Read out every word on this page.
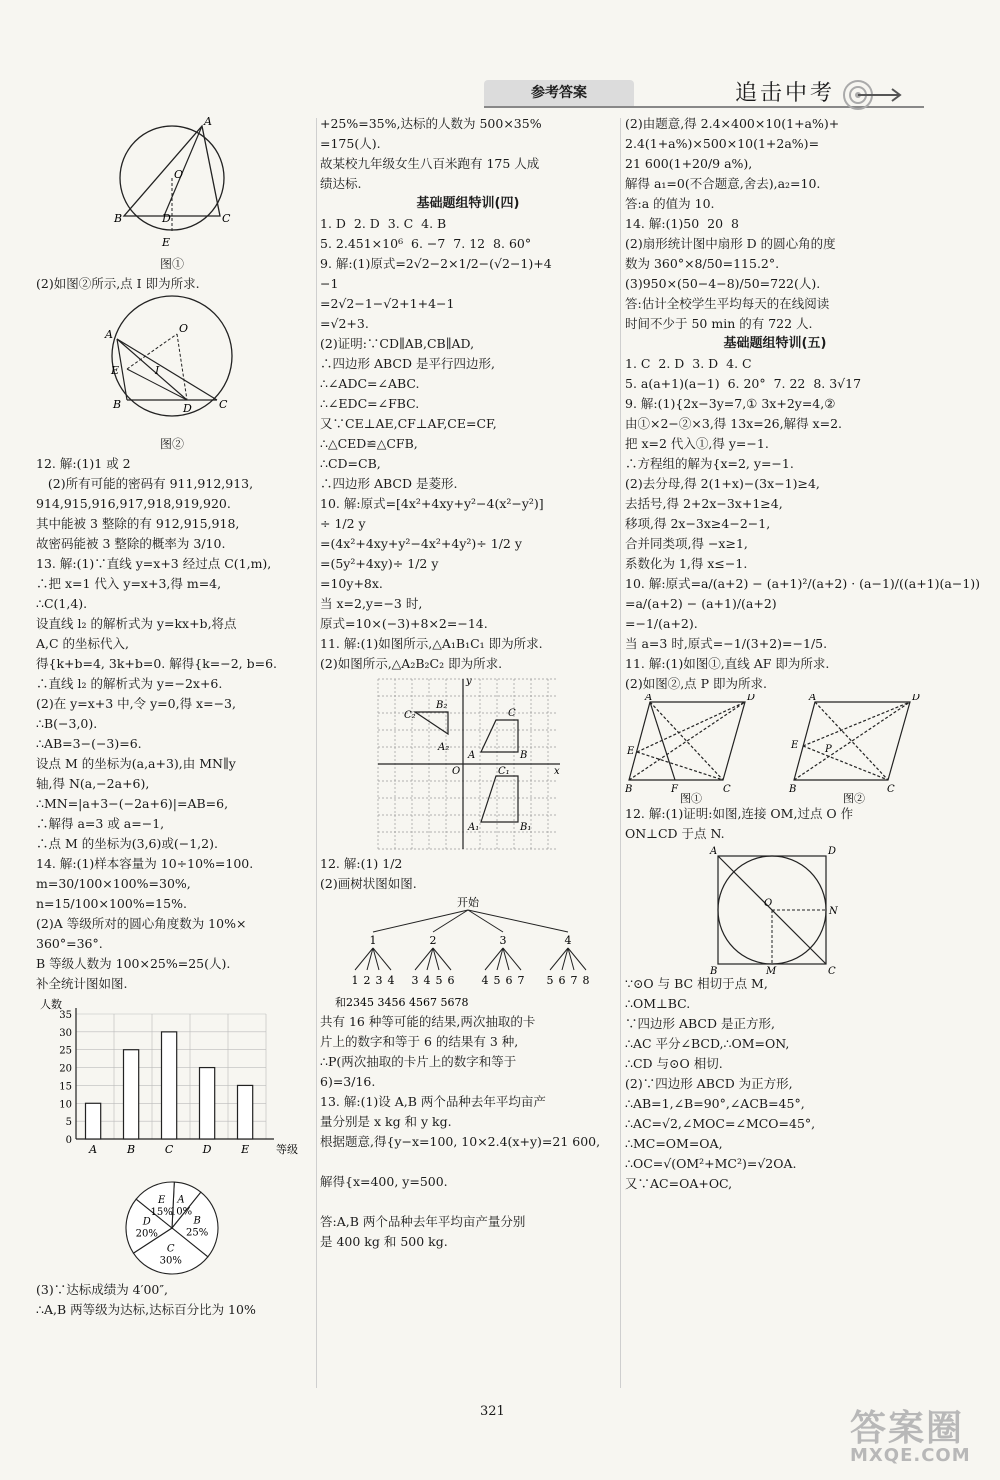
参考答案	追击中考
A
O
B	C
D
E
图①
(2)如图②所示,点 I 即为所求.
A	O
E	I
B	C
D
图②
12. 解:(1)1 或 2
(2)所有可能的密码有 911,912,913,
914,915,916,917,918,919,920.
其中能被 3 整除的有 912,915,918,
故密码能被 3 整除的概率为 3/10.
13. 解:(1)∵直线 y=x+3 经过点 C(1,m),
∴把 x=1 代入 y=x+3,得 m=4,
∴C(1,4).
设直线 l₂ 的解析式为 y=kx+b,将点
A,C 的坐标代入,
得{k+b=4, 3k+b=0. 解得{k=−2, b=6.
∴直线 l₂ 的解析式为 y=−2x+6.
(2)在 y=x+3 中,令 y=0,得 x=−3,
∴B(−3,0).
∴AB=3−(−3)=6.
设点 M 的坐标为(a,a+3),由 MN∥y
轴,得 N(a,−2a+6),
∴MN=|a+3−(−2a+6)|=AB=6,
∴解得 a=3 或 a=−1,
∴点 M 的坐标为(3,6)或(−1,2).
14. 解:(1)样本容量为 10÷10%=100.
m=30/100×100%=30%,
n=15/100×100%=15%.
(2)A 等级所对的圆心角度数为 10%×
360°=36°.
B 等级人数为 100×25%=25(人).
补全统计图如图.
人数
0
5
10
15
20
25
30
35
A	B	C	D	E 等级
A
10%
B
25%
C
30%
D
20%
E
15%
(3)∵达标成绩为 4′00″,
∴A,B 两等级为达标,达标百分比为 10%
+25%=35%,达标的人数为 500×35%
=175(人).
故某校九年级女生八百米跑有 175 人成
绩达标.
基础题组特训(四)
1. D  2. D  3. C  4. B
5. 2.451×10⁶  6. −7  7. 12  8. 60°
9. 解:(1)原式=2√2−2×1/2−(√2−1)+4
−1
=2√2−1−√2+1+4−1
=√2+3.
(2)证明:∵CD∥AB,CB∥AD,
∴四边形 ABCD 是平行四边形,
∴∠ADC=∠ABC.
∴∠EDC=∠FBC.
又∵CE⊥AE,CF⊥AF,CE=CF,
∴△CED≌△CFB,
∴CD=CB,
∴四边形 ABCD 是菱形.
10. 解:原式=[4x²+4xy+y²−4(x²−y²)]
÷ 1/2 y
=(4x²+4xy+y²−4x²+4y²)÷ 1/2 y
=(5y²+4xy)÷ 1/2 y
=10y+8x.
当 x=2,y=−3 时,
原式=10×(−3)+8×2=−14.
11. 解:(1)如图所示,△A₁B₁C₁ 即为所求.
(2)如图所示,△A₂B₂C₂ 即为所求.
x
y
O
C₂
B₂
A₂
C
A	B
C₁
A₁	B₁
12. 解:(1) 1/2
(2)画树状图如图.
开始
1
1 2 3 4
2
3 4 5 6
3
4 5 6 7
4
5 6 7 8
和2345 3456 4567 5678
共有 16 种等可能的结果,两次抽取的卡
片上的数字和等于 6 的结果有 3 种,
∴P(两次抽取的卡片上的数字和等于
6)=3/16.
13. 解:(1)设 A,B 两个品种去年平均亩产
量分别是 x kg 和 y kg.
根据题意,得{y−x=100, 10×2.4(x+y)=21 600,
解得{x=400, y=500.
答:A,B 两个品种去年平均亩产量分别
是 400 kg 和 500 kg.
(2)由题意,得 2.4×400×10(1+a%)+
2.4(1+a%)×500×10(1+2a%)=
21 600(1+20/9 a%),
解得 a₁=0(不合题意,舍去),a₂=10.
答:a 的值为 10.
14. 解:(1)50  20  8
(2)扇形统计图中扇形 D 的圆心角的度
数为 360°×8/50=115.2°.
(3)950×(50−4−8)/50=722(人).
答:估计全校学生平均每天的在线阅读
时间不少于 50 min 的有 722 人.
基础题组特训(五)
1. C  2. D  3. D  4. C
5. a(a+1)(a−1)  6. 20°  7. 22  8. 3√17
9. 解:(1){2x−3y=7,① 3x+2y=4,②
由①×2−②×3,得 13x=26,解得 x=2.
把 x=2 代入①,得 y=−1.
∴方程组的解为{x=2, y=−1.
(2)去分母,得 2(1+x)−(3x−1)≥4,
去括号,得 2+2x−3x+1≥4,
移项,得 2x−3x≥4−2−1,
合并同类项,得 −x≥1,
系数化为 1,得 x≤−1.
10. 解:原式=a/(a+2) − (a+1)²/(a+2) · (a−1)/((a+1)(a−1))
=a/(a+2) − (a+1)/(a+2)
=−1/(a+2).
当 a=3 时,原式=−1/(3+2)=−1/5.
11. 解:(1)如图①,直线 AF 即为所求.
(2)如图②,点 P 即为所求.
A	D
E
B	F	C
A	D
E	P
B	C
图①	图②
12. 解:(1)证明:如图,连接 OM,过点 O 作
ON⊥CD 于点 N.
A	D
O
N
B	M	C
∵⊙O 与 BC 相切于点 M,
∴OM⊥BC.
∵四边形 ABCD 是正方形,
∴AC 平分∠BCD,∴OM=ON,
∴CD 与⊙O 相切.
(2)∵四边形 ABCD 为正方形,
∴AB=1,∠B=90°,∠ACB=45°,
∴AC=√2,∠MOC=∠MCO=45°,
∴MC=OM=OA,
∴OC=√(OM²+MC²)=√2OA.
又∵AC=OA+OC,
321	答案圈
MXQE.COM
